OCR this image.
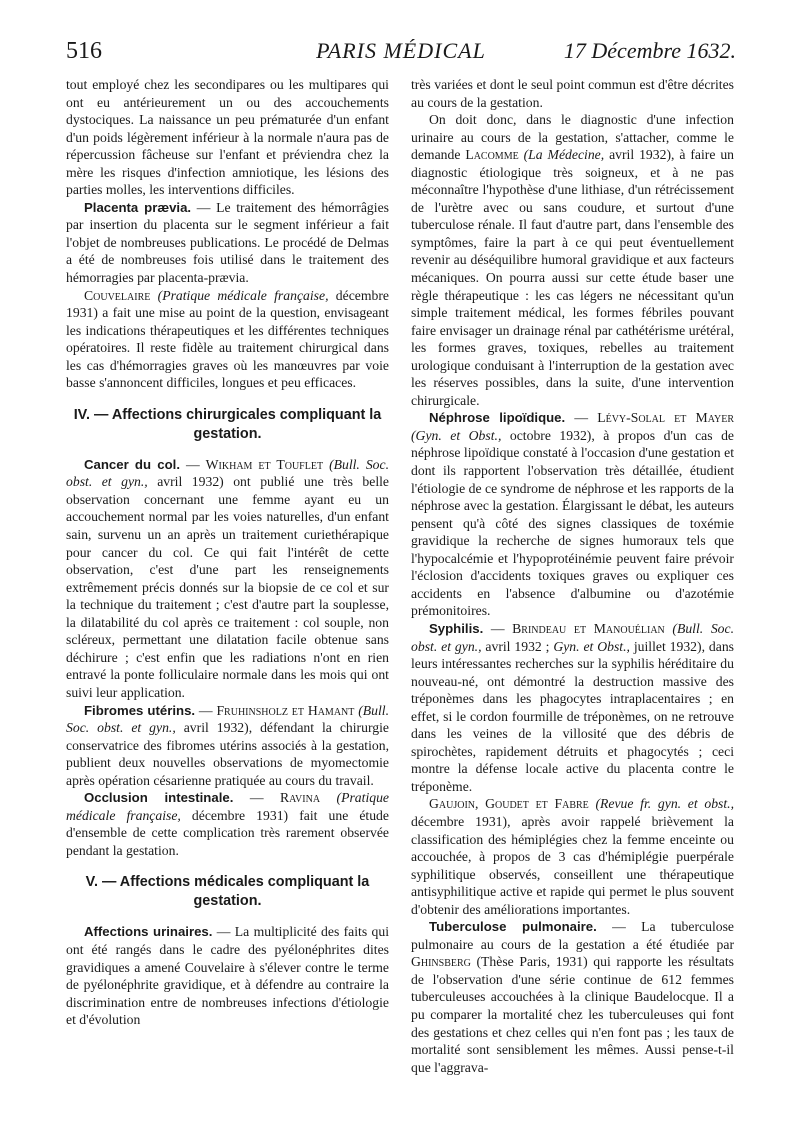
516	PARIS MÉDICAL	17 Décembre 1632.

tout employé chez les secondipares ou les multipares qui ont eu antérieurement un ou des accouchements dystociques. La naissance un peu prématurée d'un enfant d'un poids légèrement inférieur à la normale n'aura pas de répercussion fâcheuse sur l'enfant et préviendra chez la mère les risques d'infection amniotique, les lésions des parties molles, les interventions difficiles.

Placenta prævia. — Le traitement des hémorrâgies par insertion du placenta sur le segment inférieur a fait l'objet de nombreuses publications. Le procédé de Delmas a été de nombreuses fois utilisé dans le traitement des hémorragies par placenta-prævia.

Couvelaire (Pratique médicale française, décembre 1931) a fait une mise au point de la question, envisageant les indications thérapeutiques et les différentes techniques opératoires. Il reste fidèle au traitement chirurgical dans les cas d'hémorragies graves où les manœuvres par voie basse s'annoncent difficiles, longues et peu efficaces.

IV. — Affections chirurgicales compliquant la gestation.

Cancer du col. — Wikham et Touflet (Bull. Soc. obst. et gyn., avril 1932) ont publié une très belle observation concernant une femme ayant eu un accouchement normal par les voies naturelles, d'un enfant sain, survenu un an après un traitement curiethérapique pour cancer du col. Ce qui fait l'intérêt de cette observation, c'est d'une part les renseignements extrêmement précis donnés sur la biopsie de ce col et sur la technique du traitement ; c'est d'autre part la souplesse, la dilatabilité du col après ce traitement : col souple, non scléreux, permettant une dilatation facile obtenue sans déchirure ; c'est enfin que les radiations n'ont en rien entravé la ponte folliculaire normale dans les mois qui ont suivi leur application.

Fibromes utérins. — Fruhinsholz et Hamant (Bull. Soc. obst. et gyn., avril 1932), défendant la chirurgie conservatrice des fibromes utérins associés à la gestation, publient deux nouvelles observations de myomectomie après opération césarienne pratiquée au cours du travail.

Occlusion intestinale. — Ravina (Pratique médicale française, décembre 1931) fait une étude d'ensemble de cette complication très rarement observée pendant la gestation.

V. — Affections médicales compliquant la gestation.

Affections urinaires. — La multiplicité des faits qui ont été rangés dans le cadre des pyélonéphrites dites gravidiques a amené Couvelaire à s'élever contre le terme de pyélonéphrite gravidique, et à défendre au contraire la discrimination entre de nombreuses infections d'étiologie et d'évolution

très variées et dont le seul point commun est d'être décrites au cours de la gestation.

On doit donc, dans le diagnostic d'une infection urinaire au cours de la gestation, s'attacher, comme le demande Lacomme (La Médecine, avril 1932), à faire un diagnostic étiologique très soigneux, et à ne pas méconnaître l'hypothèse d'une lithiase, d'un rétrécissement de l'urètre avec ou sans coudure, et surtout d'une tuberculose rénale. Il faut d'autre part, dans l'ensemble des symptômes, faire la part à ce qui peut éventuellement revenir au déséquilibre humoral gravidique et aux facteurs mécaniques. On pourra aussi sur cette étude baser une règle thérapeutique : les cas légers ne nécessitant qu'un simple traitement médical, les formes fébriles pouvant faire envisager un drainage rénal par cathétérisme urétéral, les formes graves, toxiques, rebelles au traitement urologique conduisant à l'interruption de la gestation avec les réserves possibles, dans la suite, d'une intervention chirurgicale.

Néphrose lipoïdique. — Lévy-Solal et Mayer (Gyn. et Obst., octobre 1932), à propos d'un cas de néphrose lipoïdique constaté à l'occasion d'une gestation et dont ils rapportent l'observation très détaillée, étudient l'étiologie de ce syndrome de néphrose et les rapports de la néphrose avec la gestation. Élargissant le débat, les auteurs pensent qu'à côté des signes classiques de toxémie gravidique la recherche de signes humoraux tels que l'hypocalcémie et l'hypoprotéinémie peuvent faire prévoir l'éclosion d'accidents toxiques graves ou expliquer ces accidents en l'absence d'albumine ou d'azotémie prémonitoires.

Syphilis. — Brindeau et Manouélian (Bull. Soc. obst. et gyn., avril 1932 ; Gyn. et Obst., juillet 1932), dans leurs intéressantes recherches sur la syphilis héréditaire du nouveau-né, ont démontré la destruction massive des tréponèmes dans les phagocytes intraplacentaires ; en effet, si le cordon fourmille de tréponèmes, on ne retrouve dans les veines de la villosité que des débris de spirochètes, rapidement détruits et phagocytés ; ceci montre la défense locale active du placenta contre le tréponème.

Gaujoin, Goudet et Fabre (Revue fr. gyn. et obst., décembre 1931), après avoir rappelé brièvement la classification des hémiplégies chez la femme enceinte ou accouchée, à propos de 3 cas d'hémiplégie puerpérale syphilitique observés, conseillent une thérapeutique antisyphilitique active et rapide qui permet le plus souvent d'obtenir des améliorations importantes.

Tuberculose pulmonaire. — La tuberculose pulmonaire au cours de la gestation a été étudiée par Ghinsberg (Thèse Paris, 1931) qui rapporte les résultats de l'observation d'une série continue de 612 femmes tuberculeuses accouchées à la clinique Baudelocque. Il a pu comparer la mortalité chez les tuberculeuses qui font des gestations et chez celles qui n'en font pas ; les taux de mortalité sont sensiblement les mêmes. Aussi pense-t-il que l'aggrava-
